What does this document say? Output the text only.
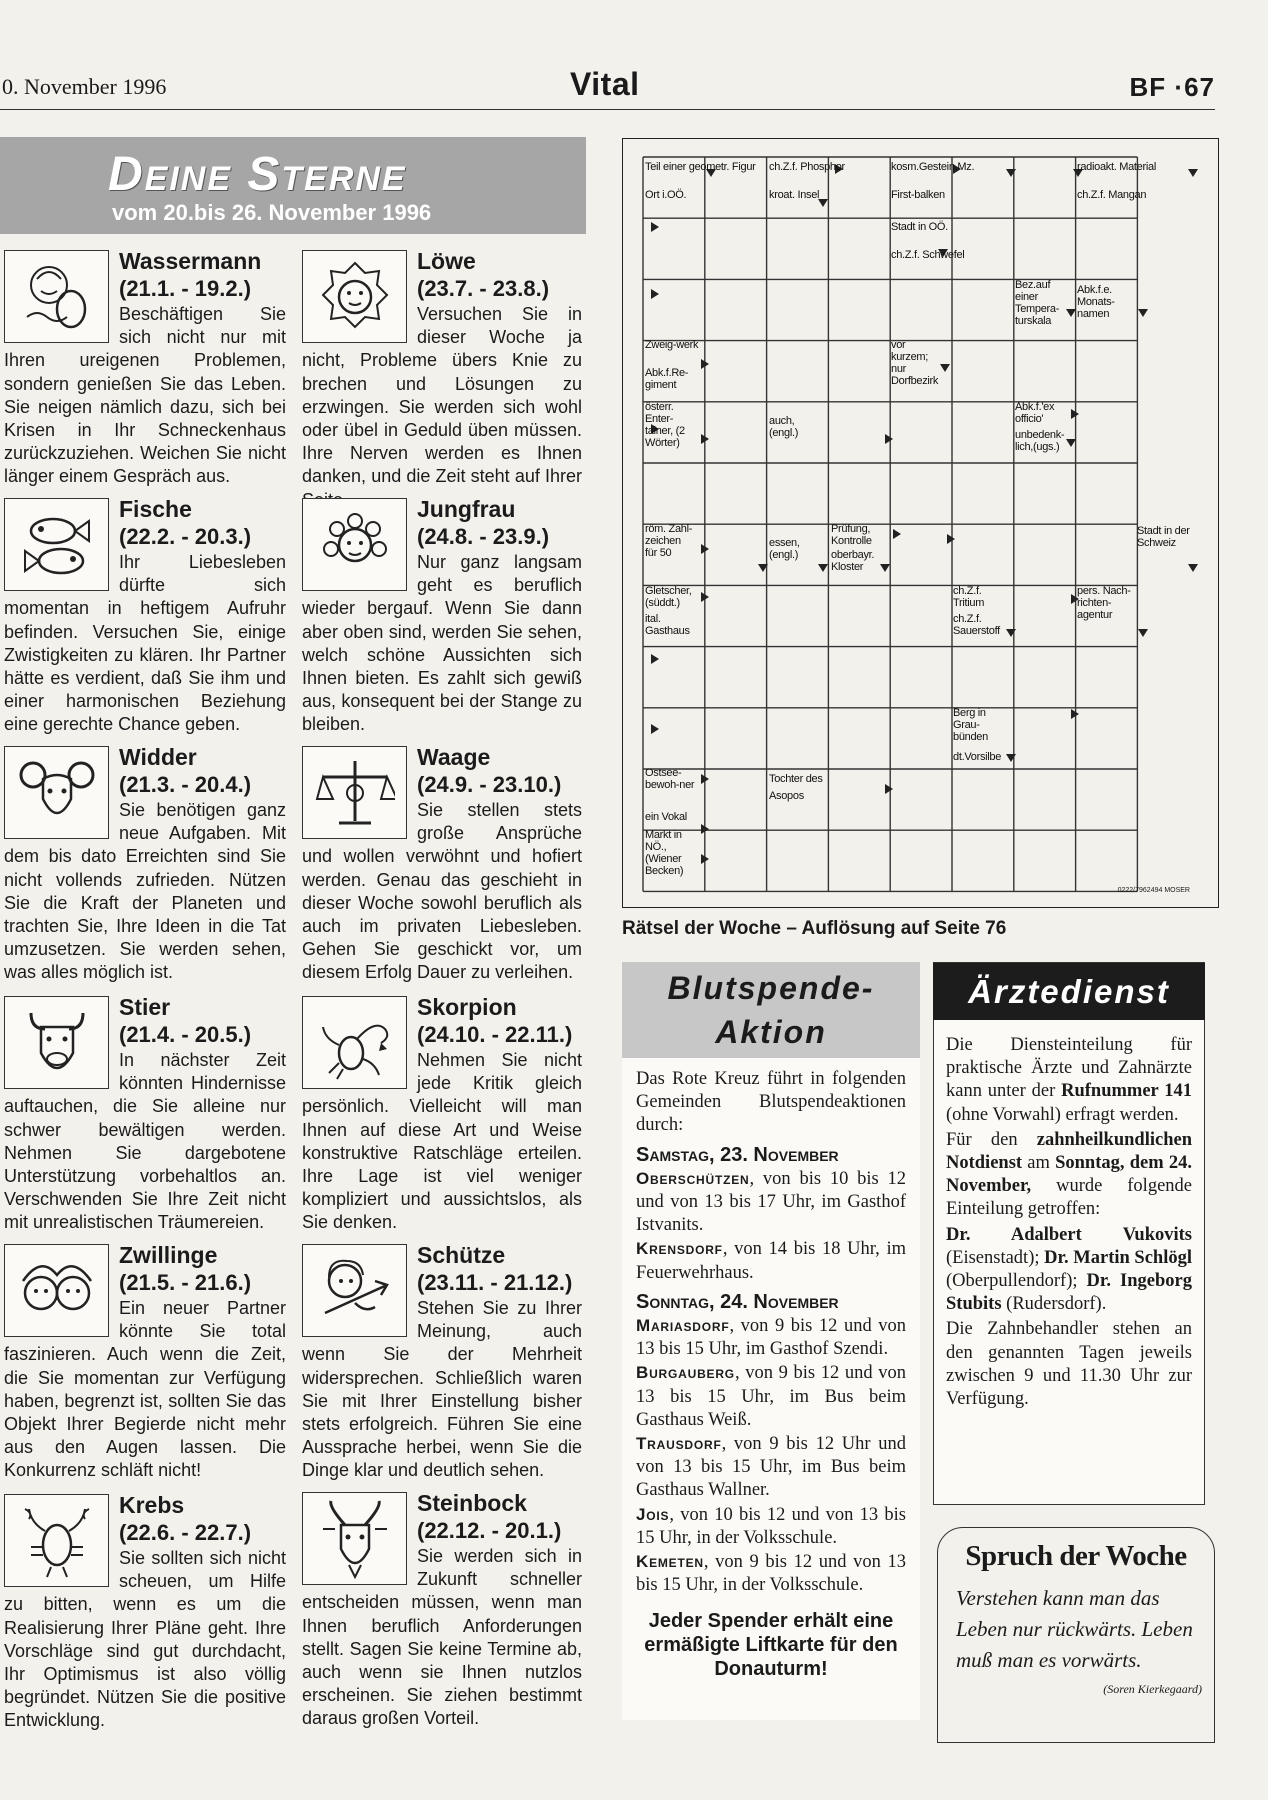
0. November 1996	Vital	BF ·67
Deine Sterne
vom 20.bis 26. November 1996
Wassermann
(21.1. - 19.2.)
Beschäftigen Sie sich nicht nur mit Ihren ureigenen Problemen, sondern genießen Sie das Leben. Sie neigen nämlich dazu, sich bei Krisen in Ihr Schneckenhaus zurückzuziehen. Weichen Sie nicht länger einem Gespräch aus.
Fische
(22.2. - 20.3.)
Ihr Liebesleben dürfte sich momentan in heftigem Aufruhr befinden. Versuchen Sie, einige Zwistigkeiten zu klären. Ihr Partner hätte es verdient, daß Sie ihm und einer harmonischen Beziehung eine gerechte Chance geben.
Widder
(21.3. - 20.4.)
Sie benötigen ganz neue Aufgaben. Mit dem bis dato Erreichten sind Sie nicht vollends zufrieden. Nützen Sie die Kraft der Planeten und trachten Sie, Ihre Ideen in die Tat umzusetzen. Sie werden sehen, was alles möglich ist.
Stier
(21.4. - 20.5.)
In nächster Zeit könnten Hindernisse auftauchen, die Sie alleine nur schwer bewältigen werden. Nehmen Sie dargebotene Unterstützung vorbehaltlos an. Verschwenden Sie Ihre Zeit nicht mit unrealistischen Träumereien.
Zwillinge
(21.5. - 21.6.)
Ein neuer Partner könnte Sie total faszinieren. Auch wenn die Zeit, die Sie momentan zur Verfügung haben, begrenzt ist, sollten Sie das Objekt Ihrer Begierde nicht mehr aus den Augen lassen. Die Konkurrenz schläft nicht!
Krebs
(22.6. - 22.7.)
Sie sollten sich nicht scheuen, um Hilfe zu bitten, wenn es um die Realisierung Ihrer Pläne geht. Ihre Vorschläge sind gut durchdacht, Ihr Optimismus ist also völlig begründet. Nützen Sie die positive Entwicklung.
Löwe
(23.7. - 23.8.)
Versuchen Sie in dieser Woche ja nicht, Probleme übers Knie zu brechen und Lösungen zu erzwingen. Sie werden sich wohl oder übel in Geduld üben müssen. Ihre Nerven werden es Ihnen danken, und die Zeit steht auf Ihrer
Jungfrau
(24.8. - 23.9.)
Nur ganz langsam geht es beruflich wieder bergauf. Wenn Sie dann aber oben sind, werden Sie sehen, welch schöne Aussichten sich Ihnen bieten. Es zahlt sich gewiß aus, konsequent bei der Stange zu bleiben.
Waage
(24.9. - 23.10.)
Sie stellen stets große Ansprüche und wollen verwöhnt und hofiert werden. Genau das geschieht in dieser Woche sowohl beruflich als auch im privaten Liebesleben. Gehen Sie geschickt vor, um diesem Erfolg Dauer zu verleihen.
Skorpion
(24.10. - 22.11.)
Nehmen Sie nicht jede Kritik gleich persönlich. Vielleicht will man Ihnen auf diese Art und Weise konstruktive Ratschläge erteilen. Ihre Lage ist viel weniger kompliziert und aussichtslos, als Sie denken.
Schütze
(23.11. - 21.12.)
Stehen Sie zu Ihrer Meinung, auch wenn Sie der Mehrheit widersprechen. Schließlich waren Sie mit Ihrer Einstellung bisher stets erfolgreich. Führen Sie eine Aussprache herbei, wenn Sie die Dinge klar und deutlich sehen.
Steinbock
(22.12. - 20.1.)
Sie werden sich in Zukunft schneller entscheiden müssen, wenn man Ihnen beruflich Anforderungen stellt. Sagen Sie keine Termine ab, auch wenn sie Ihnen nutzlos erscheinen. Sie ziehen bestimmt daraus großen Vorteil.
Teil einer geometr. Figur
Ort i.OÖ.
ch.Z.f. Phosphor
kroat. Insel
kosm.Gestein,Mz.
First-balken
Stadt in OÖ.
ch.Z.f. Schwefel
radioakt. Material
ch.Z.f. Mangan
Bez.auf einer Tempera-turskala
Abk.f.e. Monats-namen
Zweig-werk
Abk.f.Re-giment
vor kurzem; nur
Dorfbezirk
österr. Enter-tainer, (2 Wörter)
auch, (engl.)
Abk.f.'ex officio'
unbedenk-lich,(ugs.)
röm. Zahl-zeichen für 50
essen, (engl.)
Prüfung, Kontrolle
oberbayr. Kloster
Stadt in der Schweiz
Gletscher, (süddt.)
ital. Gasthaus
ch.Z.f. Tritium
ch.Z.f. Sauerstoff
pers. Nach-richten-agentur
Berg in Grau-bünden
dt.Vorsilbe
Ostsee-bewoh-ner
ein Vokal
Tochter des Asopos
Markt in NÖ., (Wiener Becken)
0222/7962494 MOSER
Rätsel der Woche – Auflösung auf Seite 76
Blutspende-
Aktion
Das Rote Kreuz führt in folgenden Gemeinden Blutspendeaktionen durch:
Samstag, 23. November
Oberschützen, von bis 10 bis 12 und von 13 bis 17 Uhr, im Gasthof Istvanits.
Krensdorf, von 14 bis 18 Uhr, im Feuerwehrhaus.
Sonntag, 24. November
Mariasdorf, von 9 bis 12 und von 13 bis 15 Uhr, im Gasthof Szendi.
Burgauberg, von 9 bis 12 und von 13 bis 15 Uhr, im Bus beim Gasthaus Weiß.
Trausdorf, von 9 bis 12 Uhr und von 13 bis 15 Uhr, im Bus beim Gasthaus Wallner.
Jois, von 10 bis 12 und von 13 bis 15 Uhr, in der Volksschule.
Kemeten, von 9 bis 12 und von 13 bis 15 Uhr, in der Volksschule.
Jeder Spender erhält eine ermäßigte Liftkarte für den Donauturm!
Ärztedienst

Die Diensteinteilung für praktische Ärzte und Zahnärzte kann unter der Rufnummer 141 (ohne Vorwahl) erfragt werden.

Für den zahnheilkundlichen Notdienst am Sonntag, dem 24. November, wurde folgende Einteilung getroffen:

Dr. Adalbert Vukovits (Eisenstadt); Dr. Martin Schlögl (Oberpullendorf); Dr. Ingeborg Stubits (Rudersdorf).

Die Zahnbehandler stehen an den genannten Tagen jeweils zwischen 9 und 11.30 Uhr zur Verfügung.

Spruch der Woche
Verstehen kann man das Leben nur rückwärts. Leben muß man es vorwärts.
(Soren Kierkegaard)
